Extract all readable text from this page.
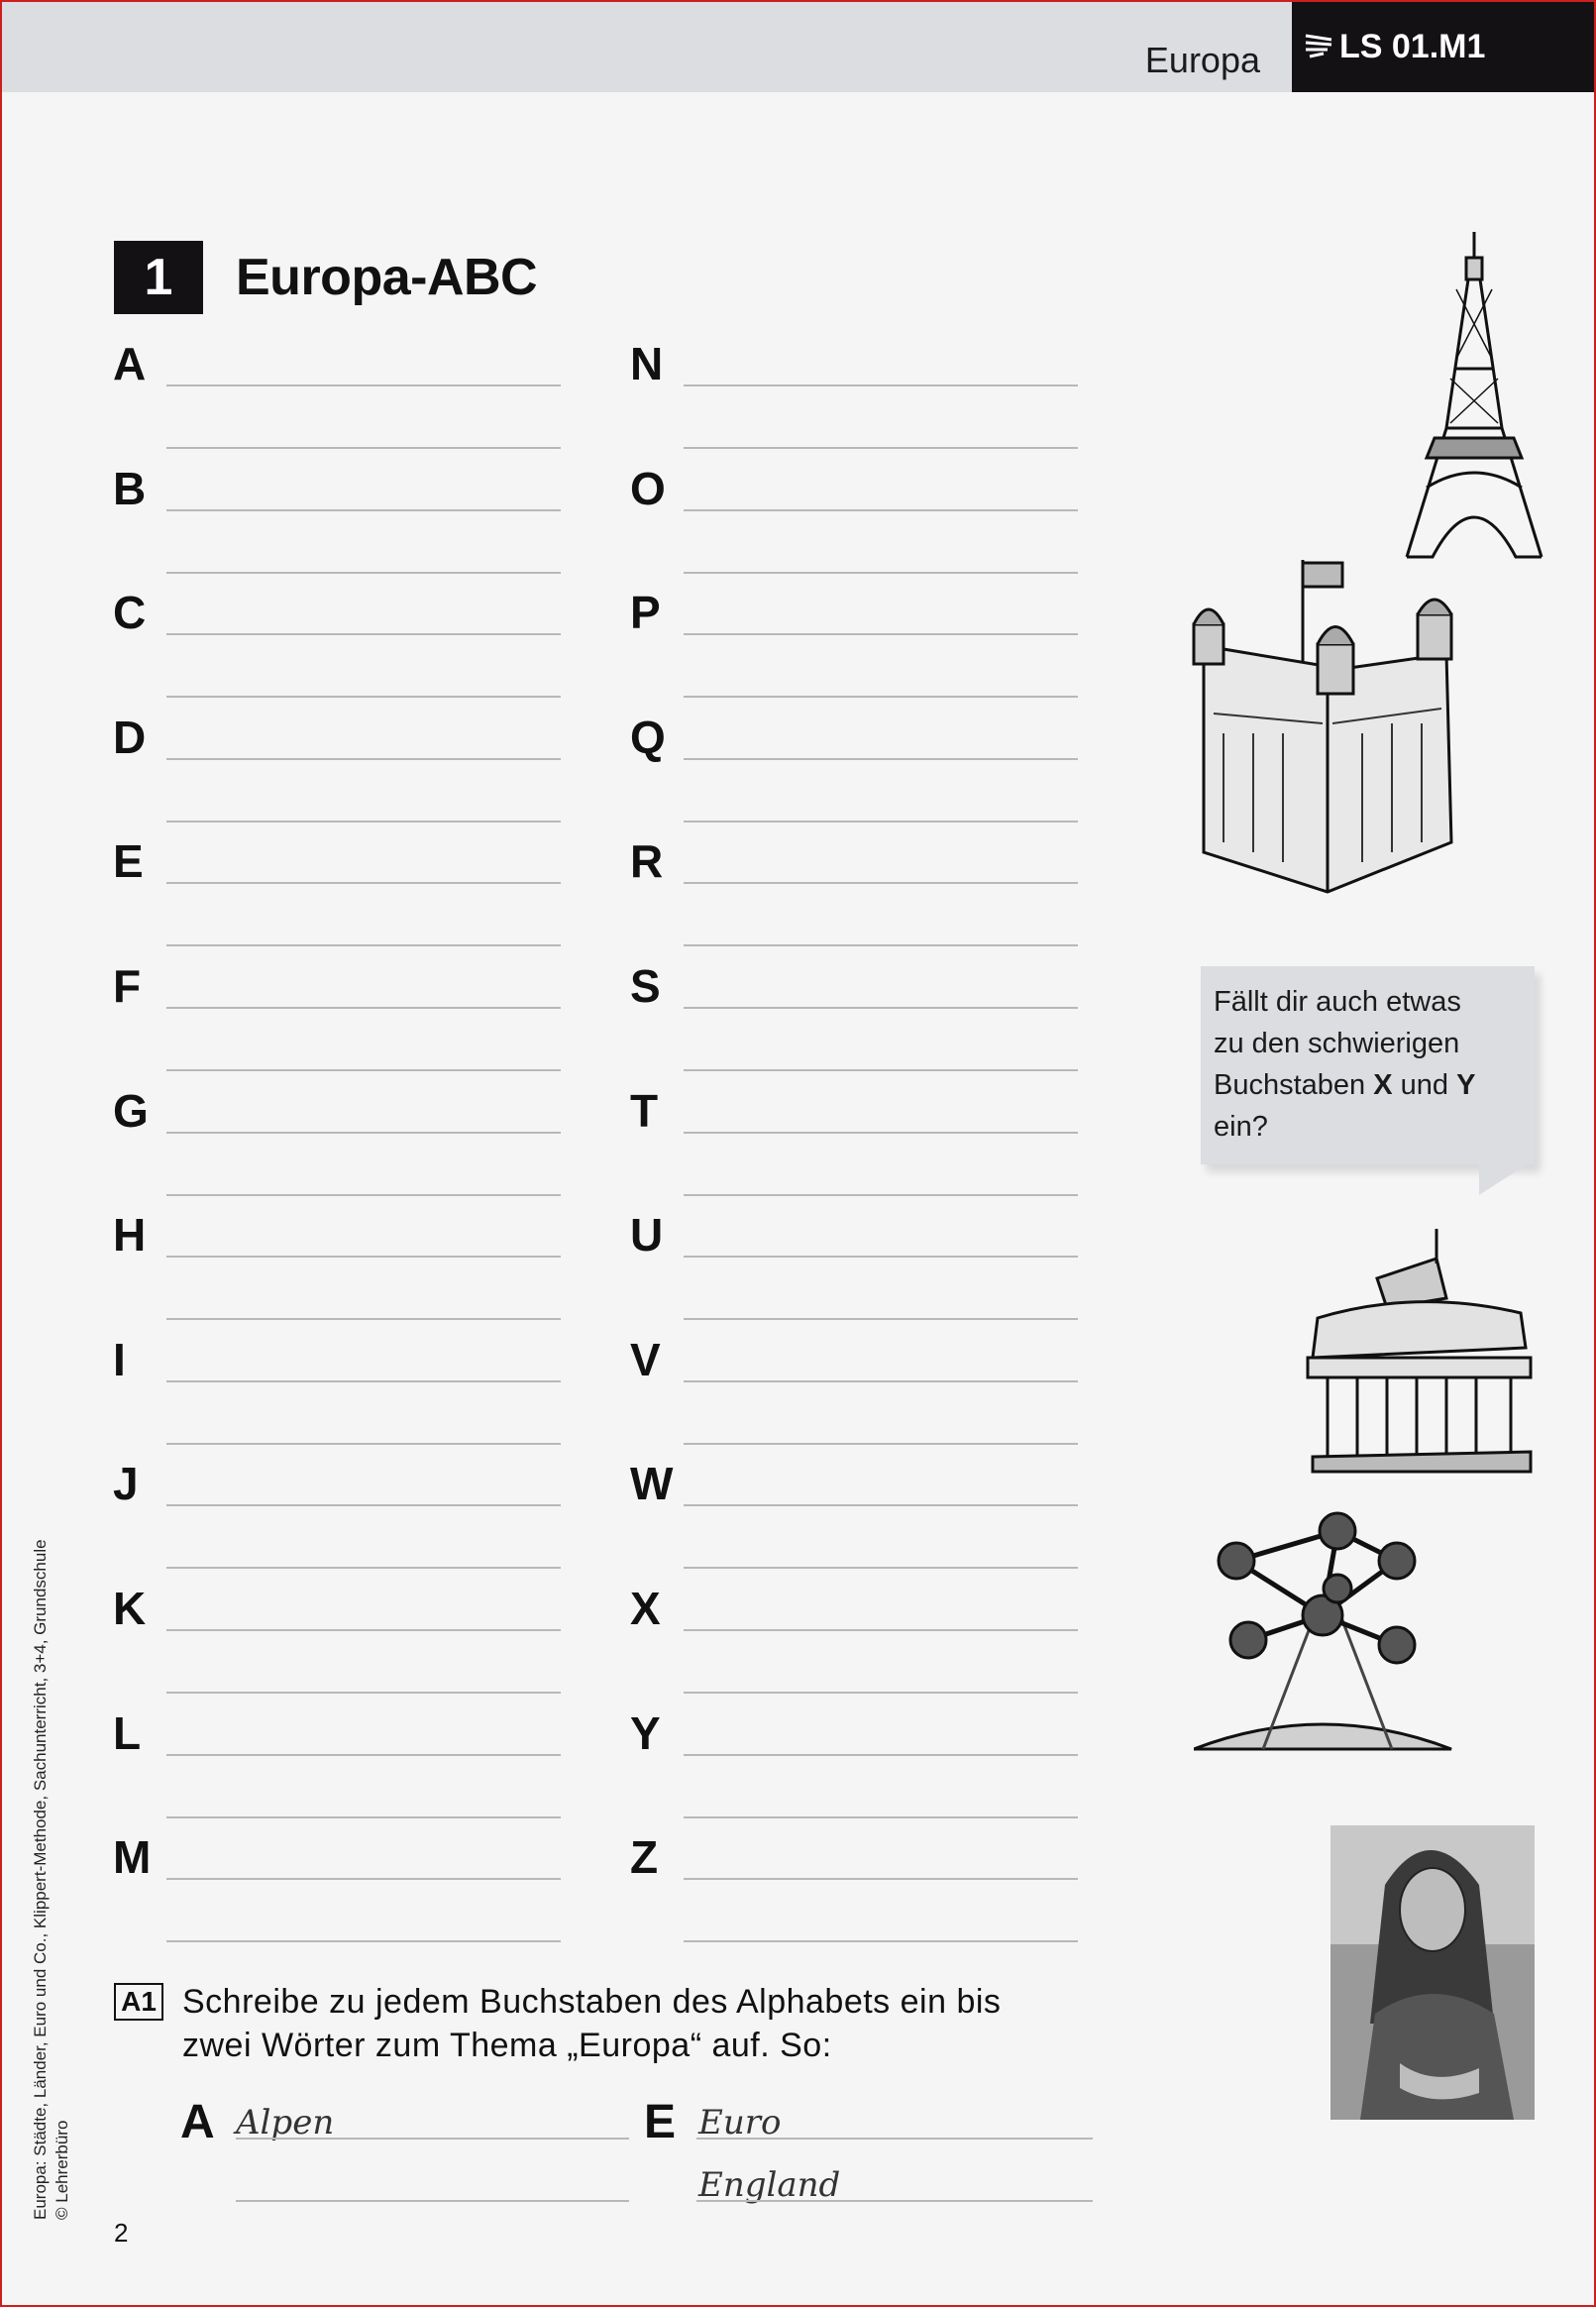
Europa LS 01.M1
1	Europa-ABC
A
B
C
D
E
F
G
H
I
J
K
L
M
N
O
P
Q
R
S
T
U
V
W
X
Y
Z
Fällt dir auch etwas
zu den schwierigen
Buchstaben X und Y
ein?
A1 Schreibe zu jedem Buchstaben des Alphabets ein bis
zwei Wörter zum Thema „Europa“ auf. So:
A Alpen	E Euro
England
Europa: Städte, Länder, Euro und Co., Klippert-Methode, Sachunterricht, 3+4, Grundschule © Lehrerbüro
2
